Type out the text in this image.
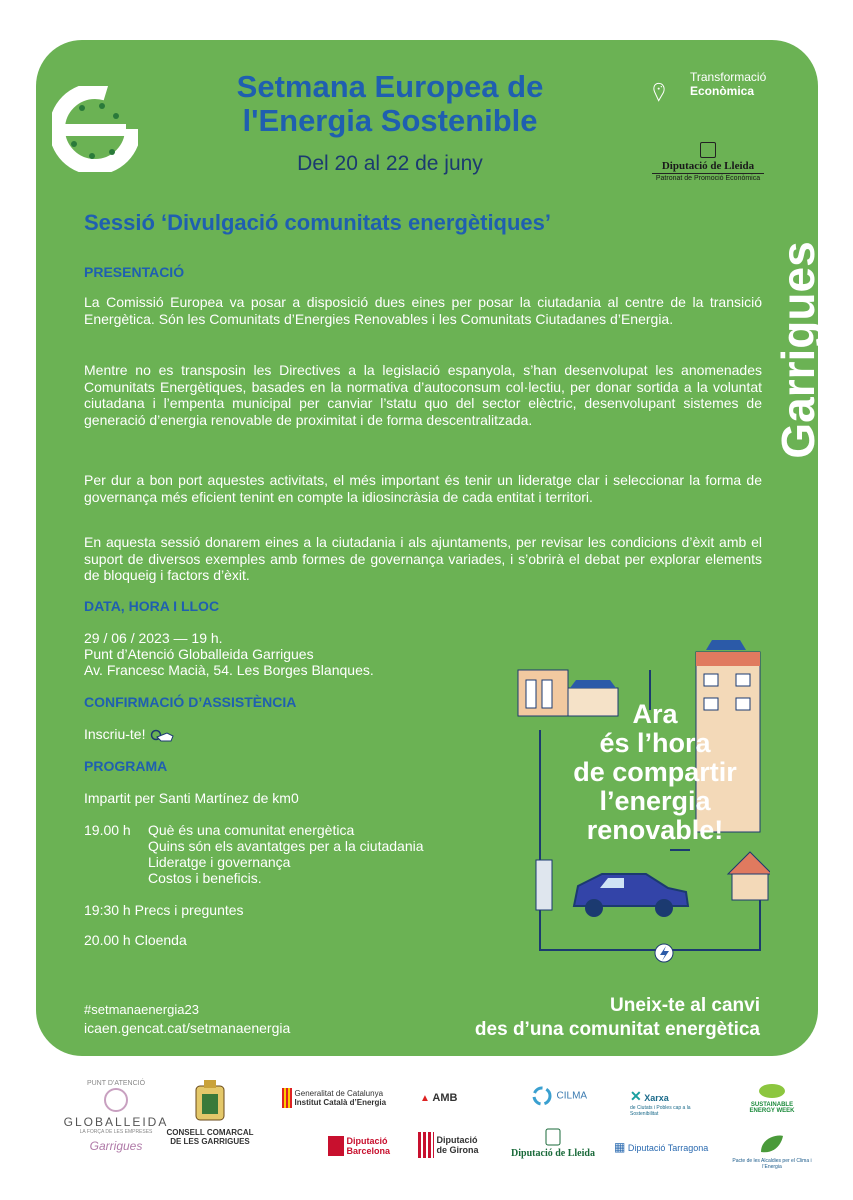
Setmana Europea de
l'Energia Sostenible
Del 20 al 22 de juny
Transformació
Econòmica
Diputació de Lleida
Patronat de Promoció Econòmica
Garrigues
Sessió ‘Divulgació comunitats energètiques’
PRESENTACIÓ
La Comissió Europea va posar a disposició dues eines per posar la ciutadania al centre de la transició Energètica. Són les Comunitats d’Energies Renovables i les Comunitats Ciutadanes d’Energia.
Mentre no es transposin les Directives a la legislació espanyola, s’han desenvolupat les anomenades Comunitats Energètiques, basades en la normativa d’autoconsum col·lectiu, per donar sortida a la voluntat ciutadana i l’empenta municipal per canviar l’statu quo del sector elèctric, desenvolupant sistemes de generació d’energia renovable de proximitat i de forma descentralitzada.
Per dur a bon port aquestes activitats, el més important és tenir un lideratge clar i seleccionar la forma de governança més eficient tenint en compte la idiosincràsia de cada entitat i territori.
En aquesta sessió donarem eines a la ciutadania i als ajuntaments, per revisar les condicions d’èxit amb el suport de diversos exemples amb formes de governança variades, i s’obrirà el debat per explorar elements de bloqueig i factors d’èxit.
DATA, HORA I LLOC
29 / 06 / 2023 — 19 h.
Punt d’Atenció Globalleida Garrigues
Av. Francesc Macià, 54. Les Borges Blanques.
CONFIRMACIÓ D’ASSISTÈNCIA
Inscriu-te!
PROGRAMA
Impartit per Santi Martínez de km0
19.00 h Què és una comunitat energètica
Quins són els avantatges per a la ciutadania
Lideratge i governança
Costos i beneficis.
19:30 h Precs i preguntes
20.00 h Cloenda
Ara
és l’hora
de compartir
l’energia
renovable!
Uneix-te al canvi
des d’una comunitat energètica
#setmanaenergia23
icaen.gencat.cat/setmanaenergia
PUNT D’ATENCIÓ
GLOBALLEIDA
LA FORÇA DE LES EMPRESES
Garrigues
CONSELL COMARCAL
DE LES GARRIGUES
Generalitat de Catalunya
Institut Català d’Energia	▲ AMB	CILMA	✕ Xarxa
de Ciutats i Pobles cap a la Sostenibilitat
SUSTAINABLE
ENERGY WEEK
Diputació
Barcelona
Diputació
de Girona	Diputació de Lleida ▦ Diputació Tarragona
Pacte de les Alcaldies per el Clima i l’Energia
